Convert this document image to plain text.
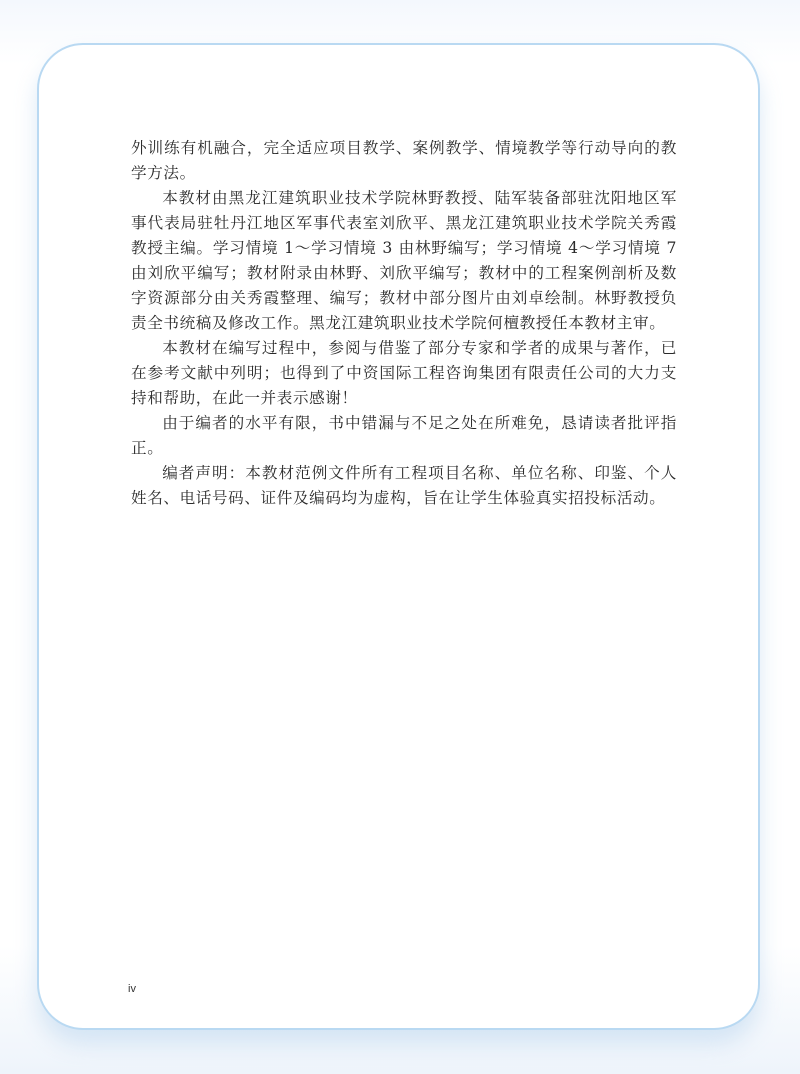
外训练有机融合，完全适应项目教学、案例教学、情境教学等行动导向的教学方法。

本教材由黑龙江建筑职业技术学院林野教授、陆军装备部驻沈阳地区军事代表局驻牡丹江地区军事代表室刘欣平、黑龙江建筑职业技术学院关秀霞教授主编。学习情境 1～学习情境 3 由林野编写；学习情境 4～学习情境 7 由刘欣平编写；教材附录由林野、刘欣平编写；教材中的工程案例剖析及数字资源部分由关秀霞整理、编写；教材中部分图片由刘卓绘制。林野教授负责全书统稿及修改工作。黑龙江建筑职业技术学院何檀教授任本教材主审。

本教材在编写过程中，参阅与借鉴了部分专家和学者的成果与著作，已在参考文献中列明；也得到了中资国际工程咨询集团有限责任公司的大力支持和帮助，在此一并表示感谢！

由于编者的水平有限，书中错漏与不足之处在所难免，恳请读者批评指正。

编者声明：本教材范例文件所有工程项目名称、单位名称、印鉴、个人姓名、电话号码、证件及编码均为虚构，旨在让学生体验真实招投标活动。

iv
